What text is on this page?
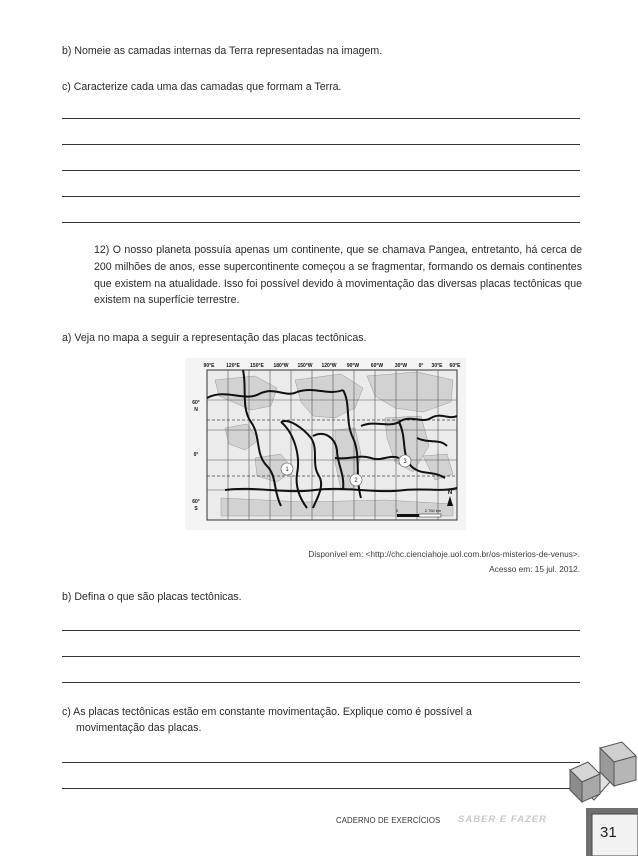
b) Nomeie as camadas internas da Terra representadas na imagem.

c) Caracterize cada uma das camadas que formam a Terra.

12) O nosso planeta possuía apenas um continente, que se chamava Pangea, entretanto, há cerca de 200 milhões de anos, esse supercontinente começou a se fragmentar, formando os demais continentes que existem na atualidade. Isso foi possível devido à movimentação das diversas placas tectônicas que existem na superfície terrestre.

a) Veja no mapa a seguir a representação das placas tectônicas.

90°E 120°E 150°E 180°W 150°W 120°W 90°W 60°W 30°W 0° 30°E 60°E
60°
N
0°
60°
S
1
2
3
N
0	2.760 km
Disponível em: <http://chc.cienciahoje.uol.com.br/os-misterios-de-venus>.
Acesso em: 15 jul. 2012.

b) Defina o que são placas tectônicas.

c) As placas tectônicas estão em constante movimentação. Explique como é possível a
movimentação das placas.

CADERNO DE EXERCÍCIOS SABER E FAZER
31
